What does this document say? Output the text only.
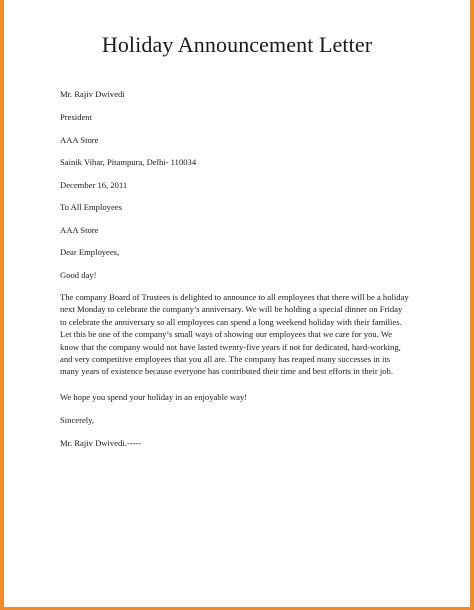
Holiday Announcement Letter
Mr. Rajiv Dwivedi
President
AAA Store
Sainik Vihar, Pitampura, Delhi- 110034
December 16, 2011
To All Employees
AAA Store
Dear Employees,
Good day!
The company Board of Trustees is delighted to announce to all employees that there will be a holiday
next Monday to celebrate the company’s anniversary. We will be holding a special dinner on Friday
to celebrate the anniversary so all employees can spend a long weekend holiday with their families.
Let this be one of the company’s small ways of showing our employees that we care for you. We
know that the company would not have lasted twenty-five years if not for dedicated, hard-working,
and very competitive employees that you all are. The company has reaped many successes in its
many years of existence because everyone has contributed their time and best efforts in their job.
We hope you spend your holiday in an enjoyable way!
Sincerely,
Mr. Rajiv Dwivedi.-----
